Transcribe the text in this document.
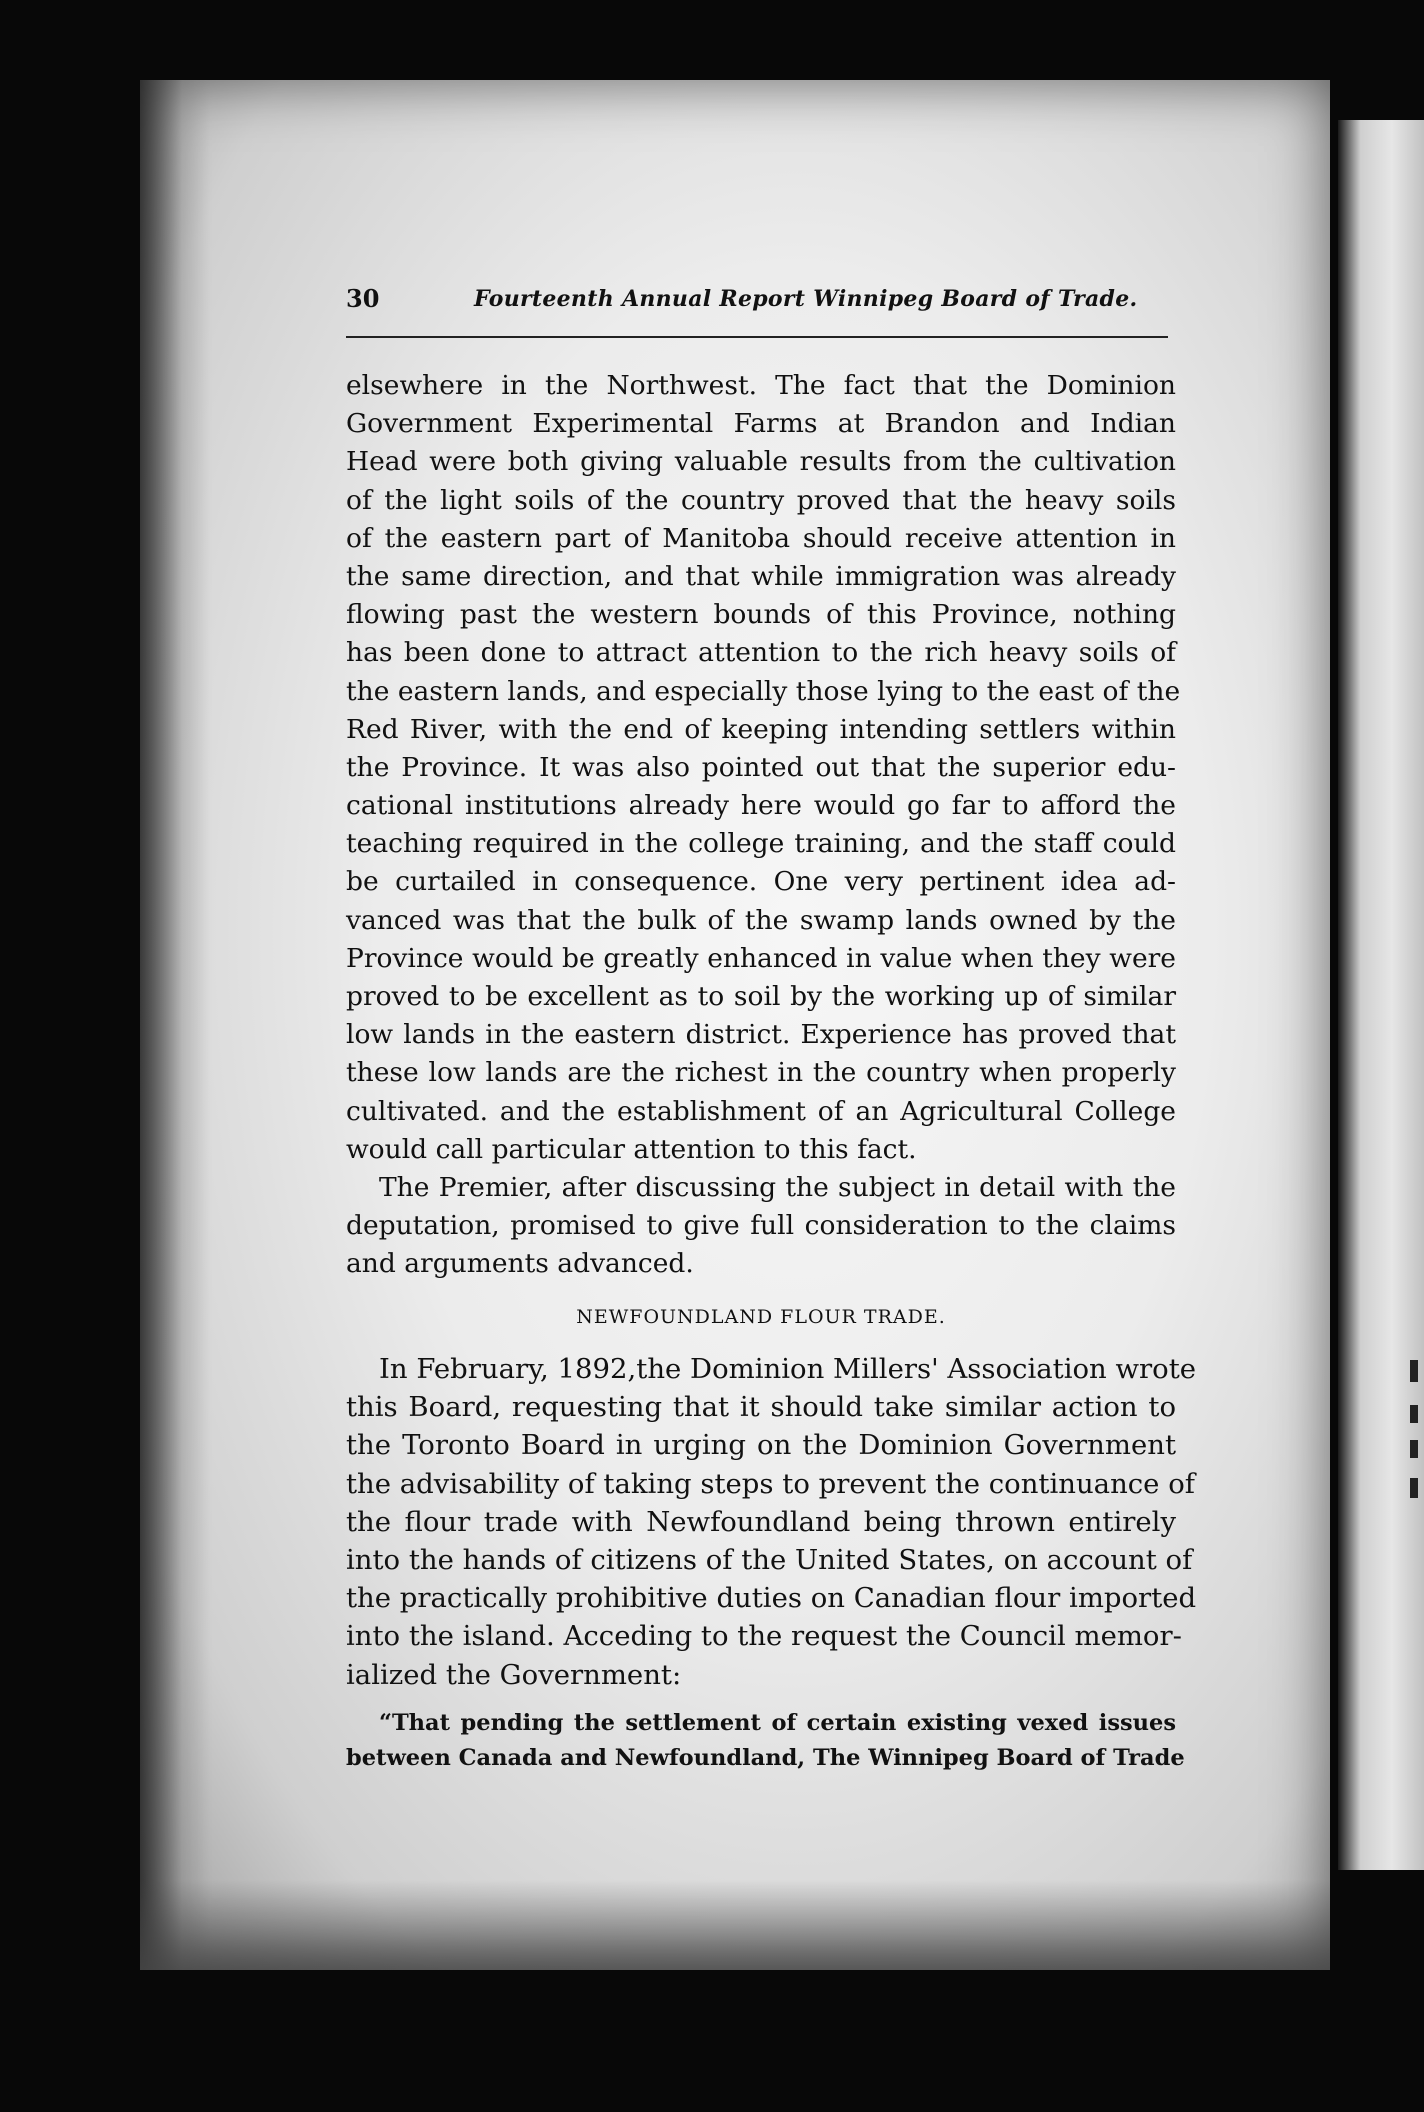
30	Fourteenth Annual Report Winnipeg Board of Trade.
elsewhere in the Northwest. The fact that the Dominion
Government Experimental Farms at Brandon and Indian
Head were both giving valuable results from the cultivation
of the light soils of the country proved that the heavy soils
of the eastern part of Manitoba should receive attention in
the same direction, and that while immigration was already
flowing past the western bounds of this Province, nothing
has been done to attract attention to the rich heavy soils of
the eastern lands, and especially those lying to the east of the
Red River, with the end of keeping intending settlers within
the Province. It was also pointed out that the superior edu-
cational institutions already here would go far to afford the
teaching required in the college training, and the staff could
be curtailed in consequence. One very pertinent idea ad-
vanced was that the bulk of the swamp lands owned by the
Province would be greatly enhanced in value when they were
proved to be excellent as to soil by the working up of similar
low lands in the eastern district. Experience has proved that
these low lands are the richest in the country when properly
cultivated. and the establishment of an Agricultural College
would call particular attention to this fact.
The Premier, after discussing the subject in detail with the
deputation, promised to give full consideration to the claims
and arguments advanced.
NEWFOUNDLAND FLOUR TRADE.
In February, 1892,the Dominion Millers' Association wrote
this Board, requesting that it should take similar action to
the Toronto Board in urging on the Dominion Government
the advisability of taking steps to prevent the continuance of
the flour trade with Newfoundland being thrown entirely
into the hands of citizens of the United States, on account of
the practically prohibitive duties on Canadian flour imported
into the island. Acceding to the request the Council memor-
ialized the Government:
“That pending the settlement of certain existing vexed issues
between Canada and Newfoundland, The Winnipeg Board of Trade
